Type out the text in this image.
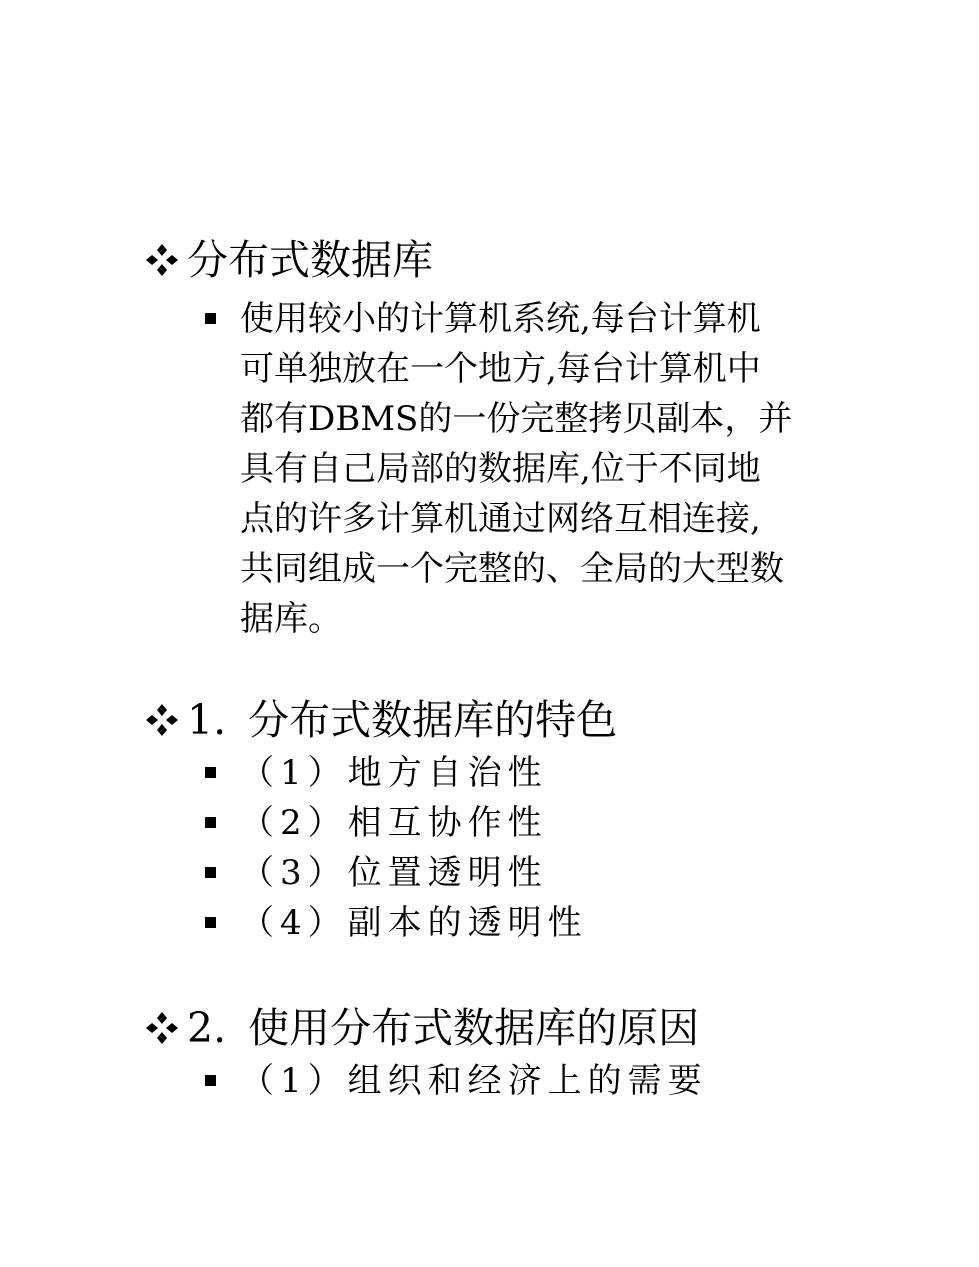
分布式数据库
使用较小的计算机系统,每台计算机
可单独放在一个地方,每台计算机中
都有DBMS的一份完整拷贝副本，并
具有自己局部的数据库,位于不同地
点的许多计算机通过网络互相连接,
共同组成一个完整的、全局的大型数
据库。
1. 分布式数据库的特色
（1）地方自治性
（2）相互协作性
（3）位置透明性
（4）副本的透明性
2. 使用分布式数据库的原因
（1）组织和经济上的需要
